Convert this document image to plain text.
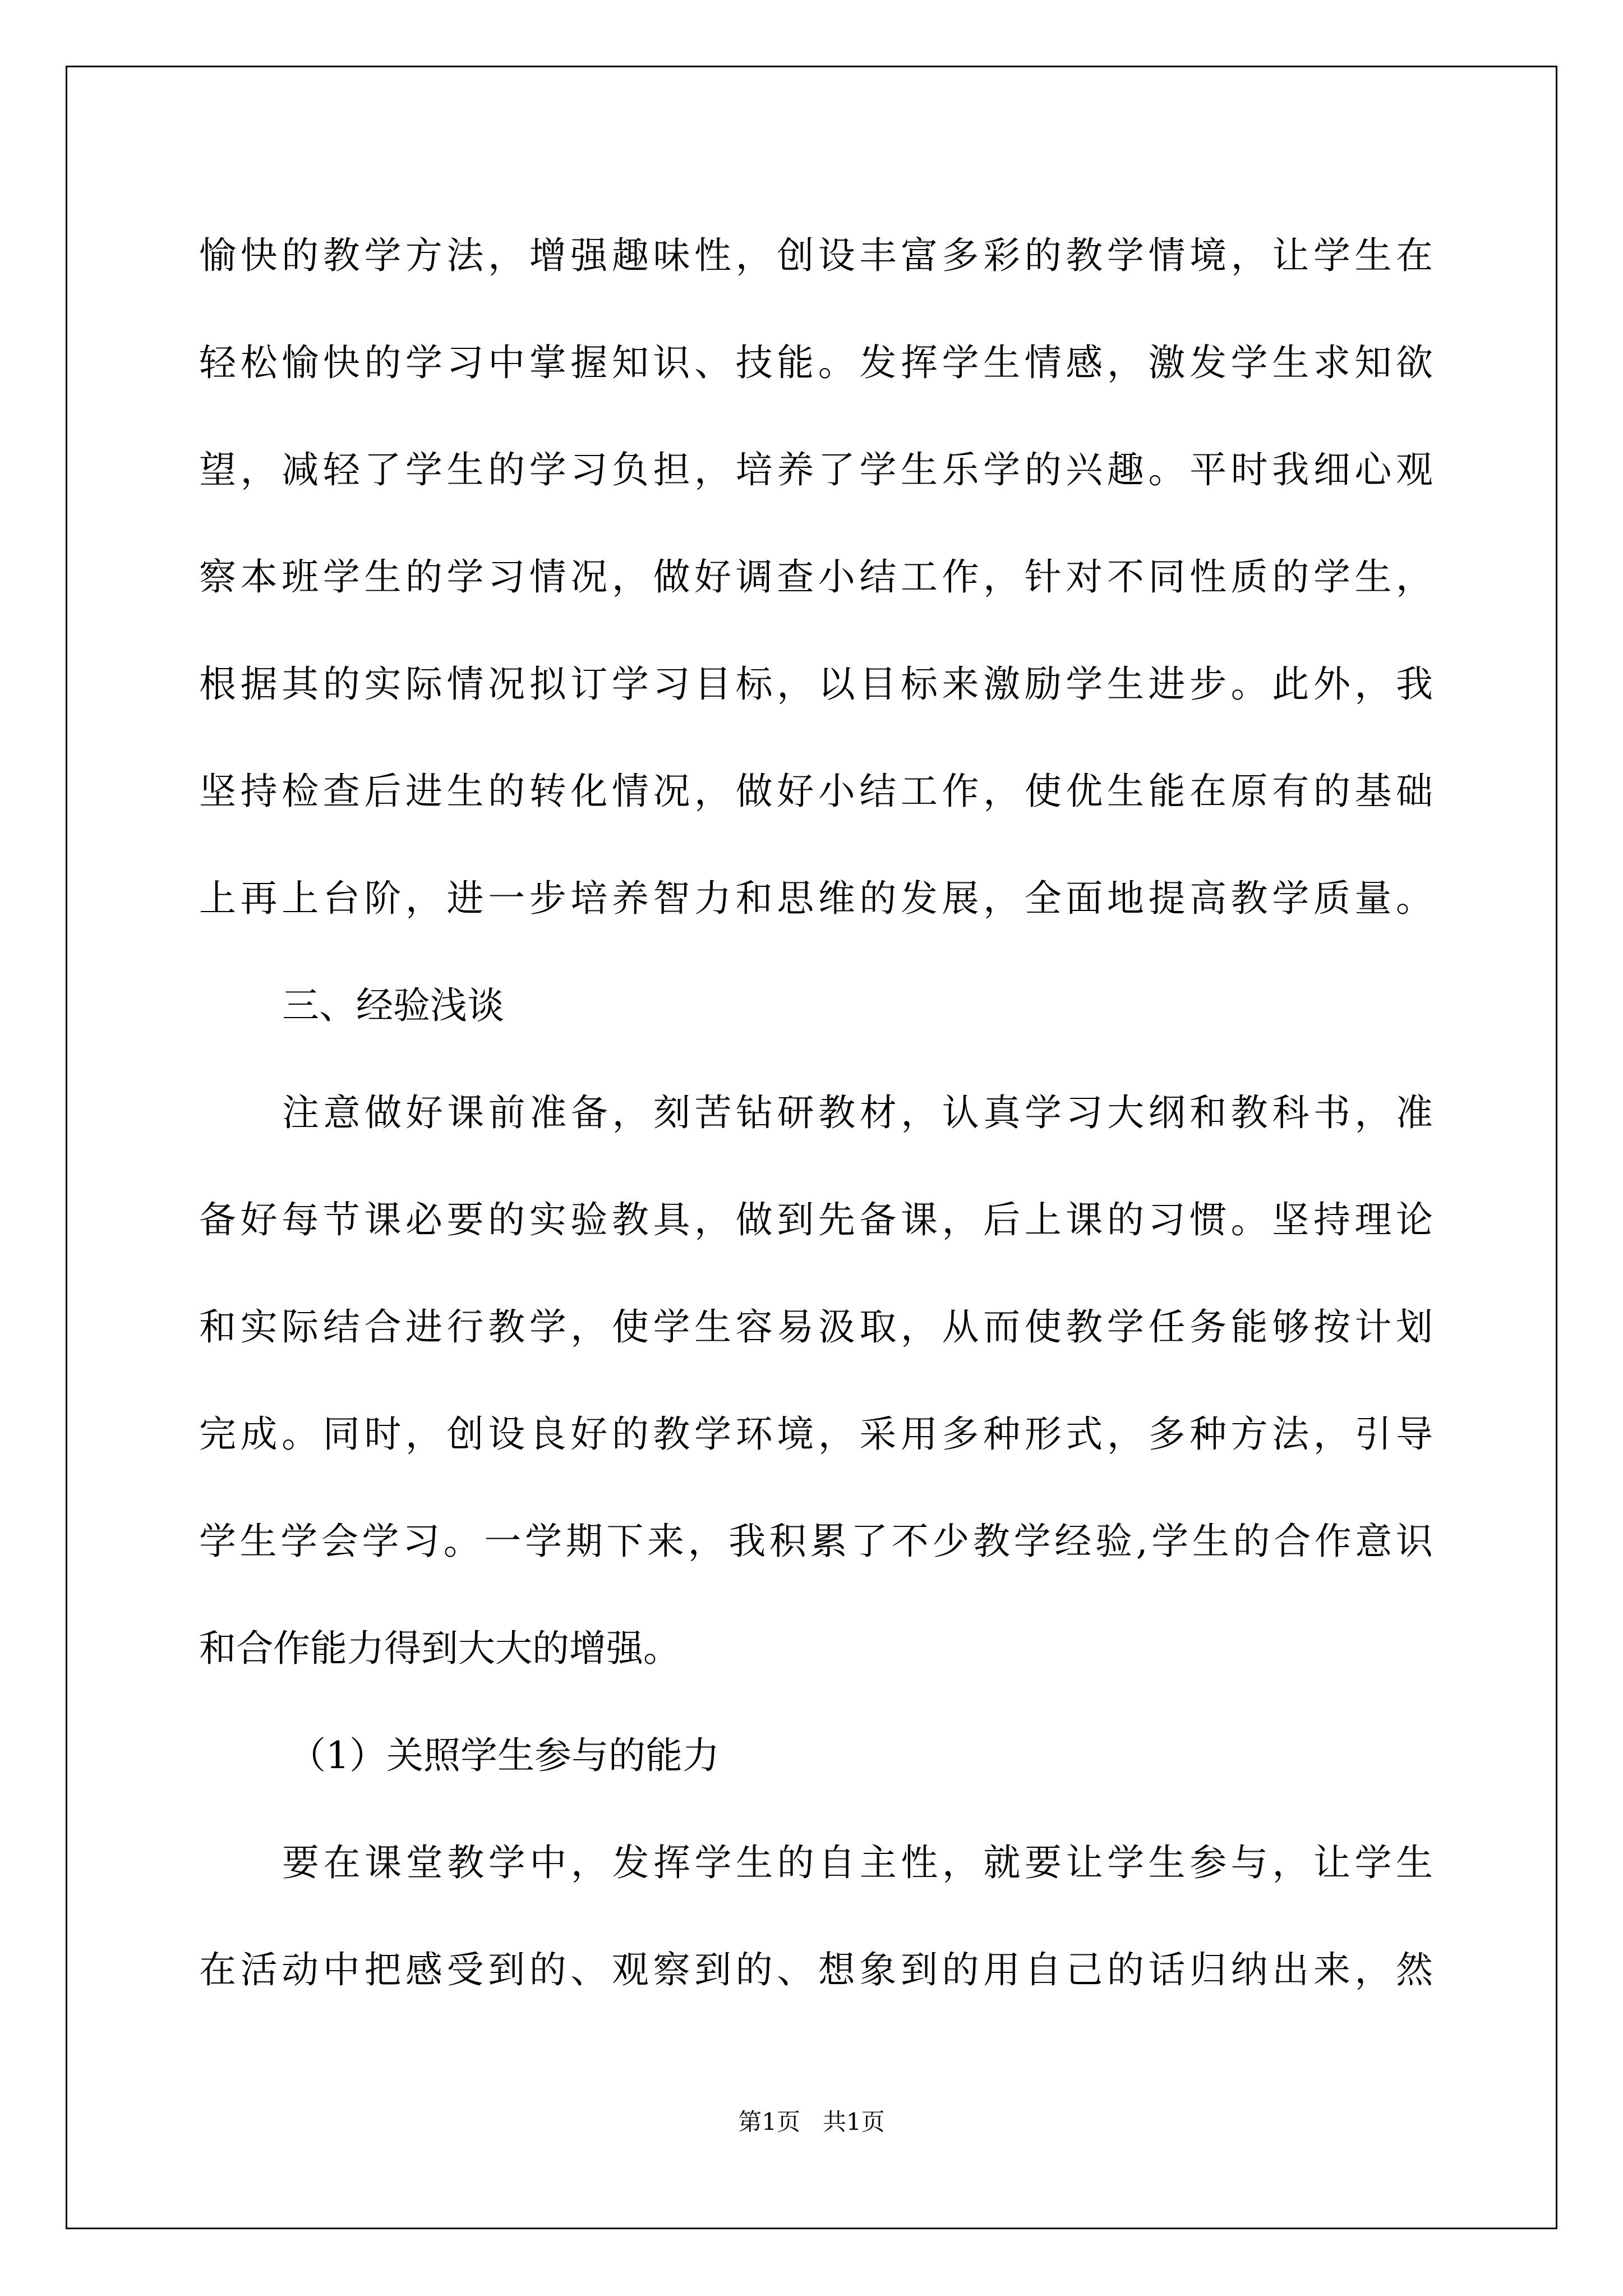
愉快的教学方法，增强趣味性，创设丰富多彩的教学情境，让学生在
轻松愉快的学习中掌握知识、技能。发挥学生情感，激发学生求知欲
望，减轻了学生的学习负担，培养了学生乐学的兴趣。平时我细心观
察本班学生的学习情况，做好调查小结工作，针对不同性质的学生，
根据其的实际情况拟订学习目标，以目标来激励学生进步。此外，我
坚持检查后进生的转化情况，做好小结工作，使优生能在原有的基础
上再上台阶，进一步培养智力和思维的发展，全面地提高教学质量。
三、经验浅谈
注意做好课前准备，刻苦钻研教材，认真学习大纲和教科书，准
备好每节课必要的实验教具，做到先备课，后上课的习惯。坚持理论
和实际结合进行教学，使学生容易汲取，从而使教学任务能够按计划
完成。同时，创设良好的教学环境，采用多种形式，多种方法，引导
学生学会学习。一学期下来，我积累了不少教学经验,学生的合作意识
和合作能力得到大大的增强。
（1）关照学生参与的能力
要在课堂教学中，发挥学生的自主性，就要让学生参与，让学生
在活动中把感受到的、观察到的、想象到的用自己的话归纳出来，然
第1页   共1页
